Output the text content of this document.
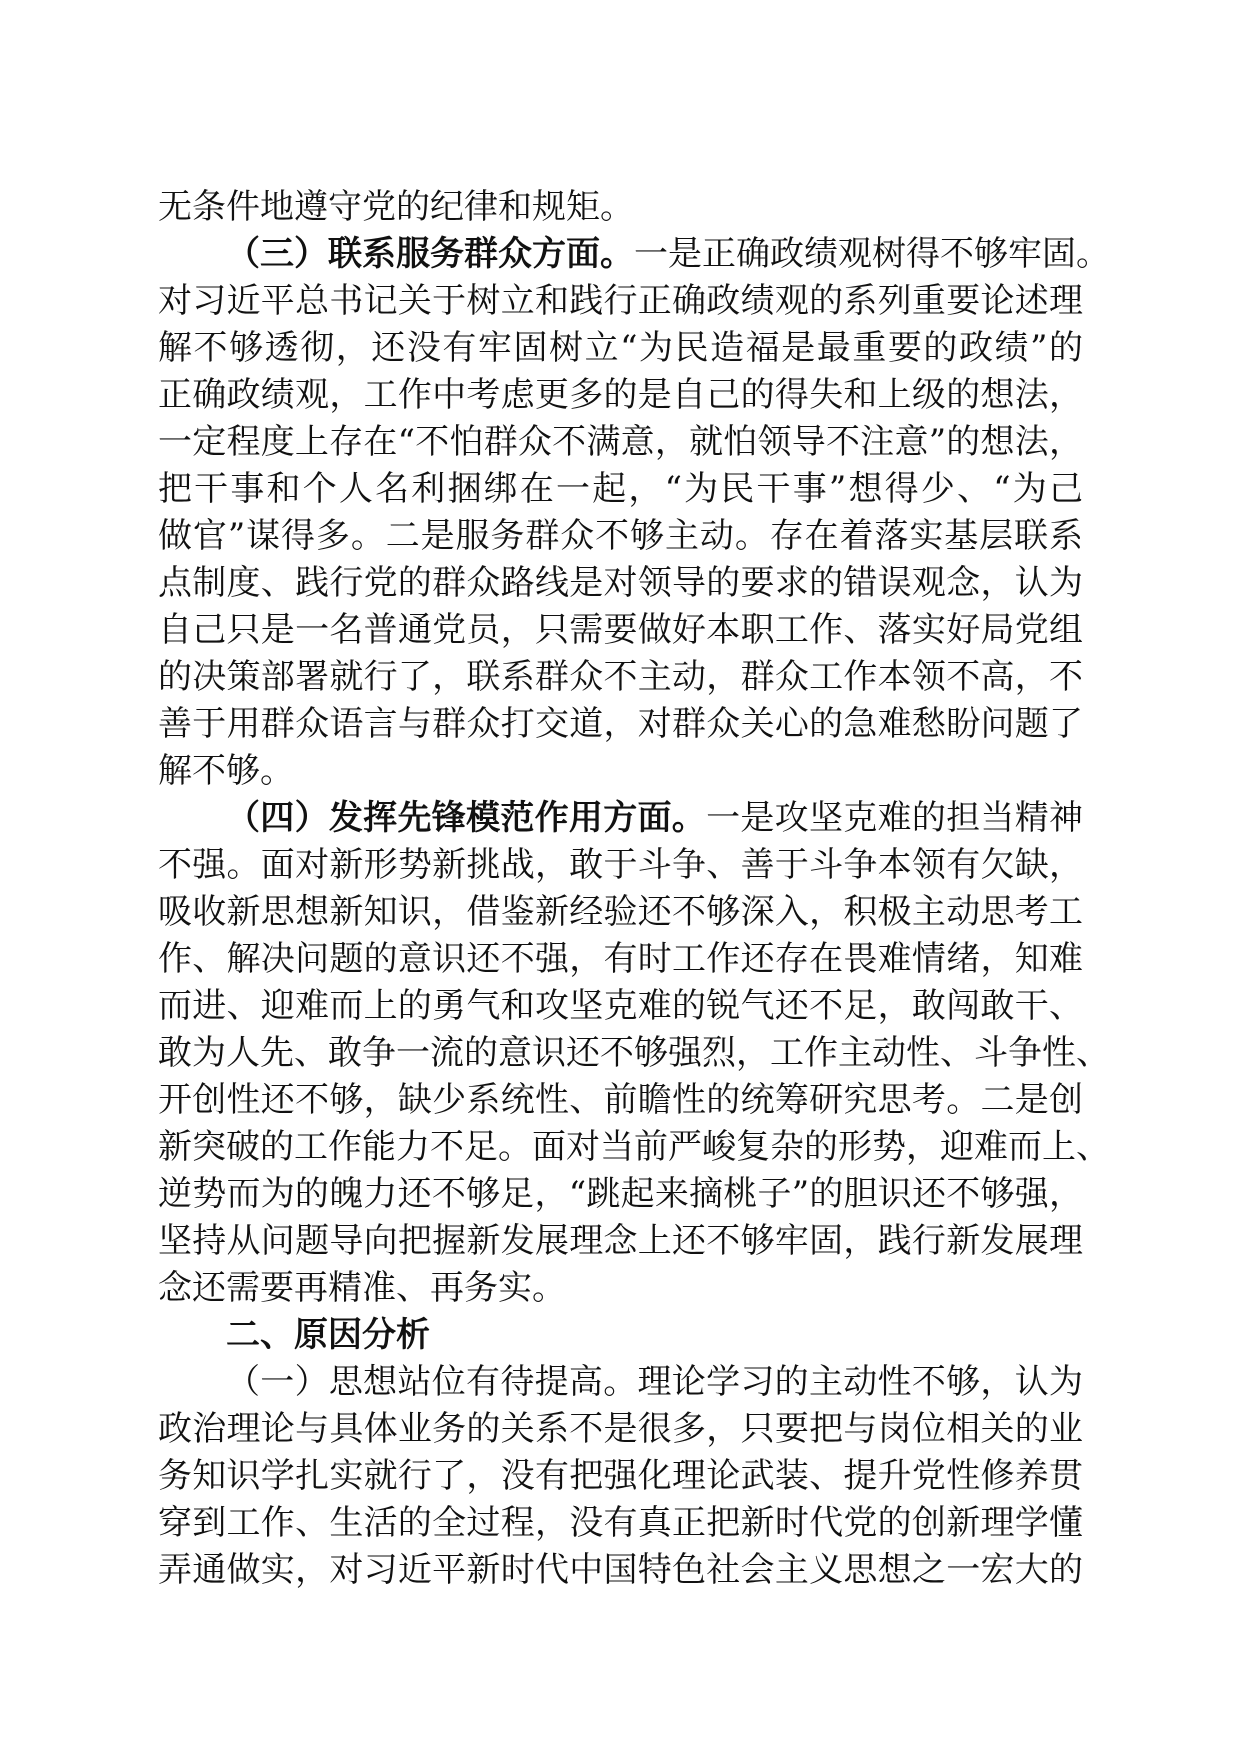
无条件地遵守党的纪律和规矩。
（三）联系服务群众方面。一是正确政绩观树得不够牢固。
对习近平总书记关于树立和践行正确政绩观的系列重要论述理
解不够透彻，还没有牢固树立“为民造福是最重要的政绩”的
正确政绩观，工作中考虑更多的是自己的得失和上级的想法，
一定程度上存在“不怕群众不满意，就怕领导不注意”的想法，
把干事和个人名利捆绑在一起，“为民干事”想得少、“为己
做官”谋得多。二是服务群众不够主动。存在着落实基层联系
点制度、践行党的群众路线是对领导的要求的错误观念，认为
自己只是一名普通党员，只需要做好本职工作、落实好局党组
的决策部署就行了，联系群众不主动，群众工作本领不高，不
善于用群众语言与群众打交道，对群众关心的急难愁盼问题了
解不够。
（四）发挥先锋模范作用方面。一是攻坚克难的担当精神
不强。面对新形势新挑战，敢于斗争、善于斗争本领有欠缺，
吸收新思想新知识，借鉴新经验还不够深入，积极主动思考工
作、解决问题的意识还不强，有时工作还存在畏难情绪，知难
而进、迎难而上的勇气和攻坚克难的锐气还不足，敢闯敢干、
敢为人先、敢争一流的意识还不够强烈，工作主动性、斗争性、
开创性还不够，缺少系统性、前瞻性的统筹研究思考。二是创
新突破的工作能力不足。面对当前严峻复杂的形势，迎难而上、
逆势而为的魄力还不够足，“跳起来摘桃子”的胆识还不够强，
坚持从问题导向把握新发展理念上还不够牢固，践行新发展理
念还需要再精准、再务实。
二、原因分析
（一）思想站位有待提高。理论学习的主动性不够，认为
政治理论与具体业务的关系不是很多，只要把与岗位相关的业
务知识学扎实就行了，没有把强化理论武装、提升党性修养贯
穿到工作、生活的全过程，没有真正把新时代党的创新理学懂
弄通做实，对习近平新时代中国特色社会主义思想之一宏大的
